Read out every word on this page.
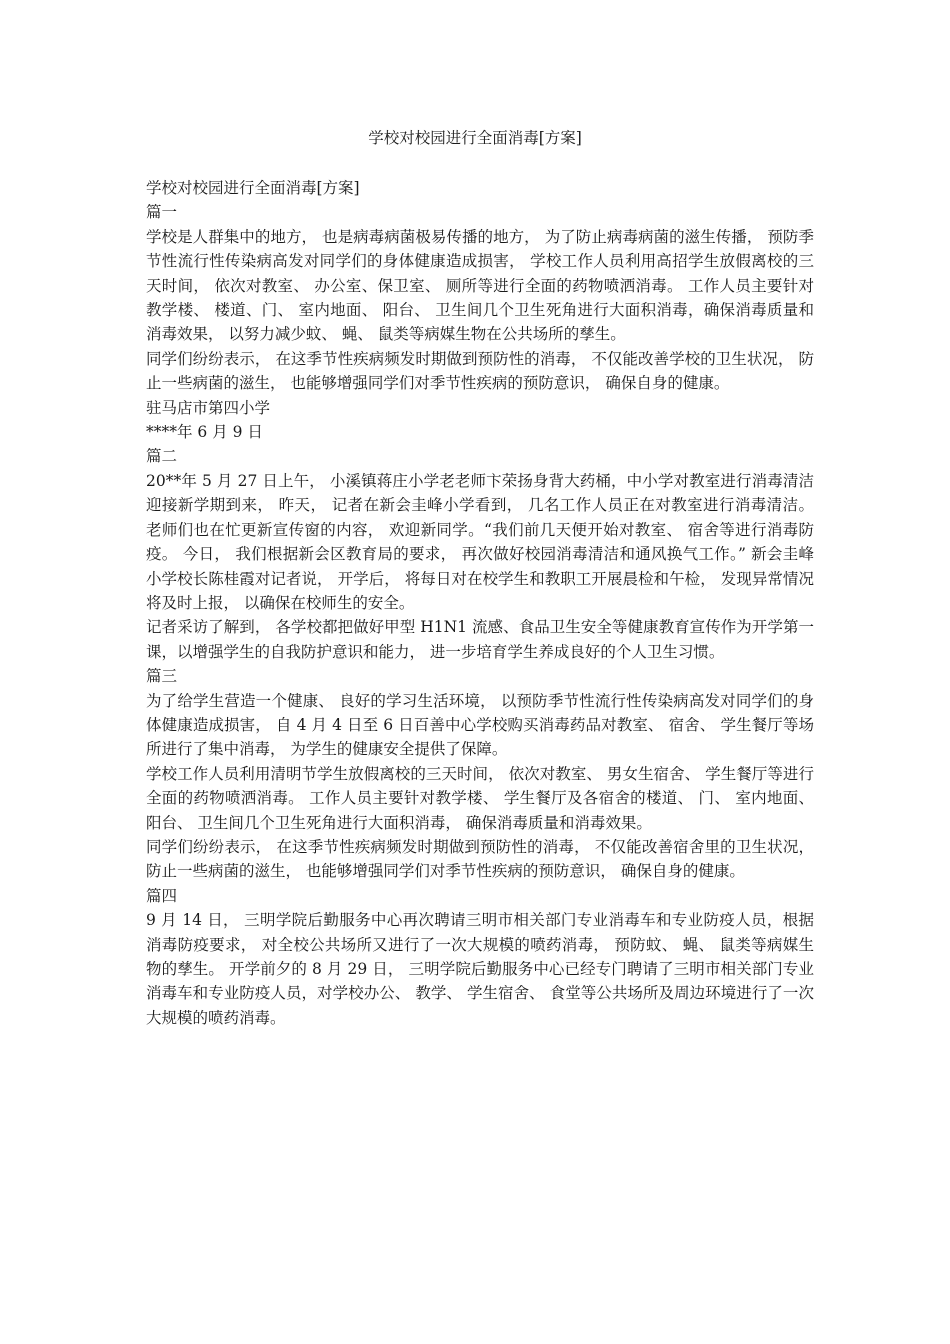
学校对校园进行全面消毒[方案]

学校对校园进行全面消毒[方案]

篇一

学校是人群集中的地方， 也是病毒病菌极易传播的地方， 为了防止病毒病菌的滋生传播， 预防季节性流行性传染病高发对同学们的身体健康造成损害， 学校工作人员利用高招学生放假离校的三天时间， 依次对教室、 办公室、保卫室、 厕所等进行全面的药物喷洒消毒。 工作人员主要针对教学楼、 楼道、门、 室内地面、 阳台、 卫生间几个卫生死角进行大面积消毒，确保消毒质量和消毒效果， 以努力减少蚊、 蝇、 鼠类等病媒生物在公共场所的孳生。

同学们纷纷表示， 在这季节性疾病频发时期做到预防性的消毒， 不仅能改善学校的卫生状况， 防止一些病菌的滋生， 也能够增强同学们对季节性疾病的预防意识， 确保自身的健康。

驻马店市第四小学

****年 6 月 9 日

篇二

20**年 5 月 27 日上午， 小溪镇蒋庄小学老老师卞荣扬身背大药桶，中小学对教室进行消毒清洁 迎接新学期到来， 昨天， 记者在新会圭峰小学看到， 几名工作人员正在对教室进行消毒清洁。 老师们也在忙更新宣传窗的内容， 欢迎新同学。“我们前几天便开始对教室、 宿舍等进行消毒防疫。 今日， 我们根据新会区教育局的要求， 再次做好校园消毒清洁和通风换气工作。” 新会圭峰小学校长陈桂霞对记者说， 开学后， 将每日对在校学生和教职工开展晨检和午检， 发现异常情况将及时上报， 以确保在校师生的安全。

记者采访了解到， 各学校都把做好甲型 H1N1 流感、食品卫生安全等健康教育宣传作为开学第一课，以增强学生的自我防护意识和能力， 进一步培育学生养成良好的个人卫生习惯。

篇三

为了给学生营造一个健康、 良好的学习生活环境， 以预防季节性流行性传染病高发对同学们的身体健康造成损害， 自 4 月 4 日至 6 日百善中心学校购买消毒药品对教室、 宿舍、 学生餐厅等场所进行了集中消毒， 为学生的健康安全提供了保障。

学校工作人员利用清明节学生放假离校的三天时间， 依次对教室、 男女生宿舍、 学生餐厅等进行全面的药物喷洒消毒。 工作人员主要针对教学楼、 学生餐厅及各宿舍的楼道、 门、 室内地面、 阳台、 卫生间几个卫生死角进行大面积消毒， 确保消毒质量和消毒效果。

同学们纷纷表示， 在这季节性疾病频发时期做到预防性的消毒， 不仅能改善宿舍里的卫生状况，防止一些病菌的滋生， 也能够增强同学们对季节性疾病的预防意识， 确保自身的健康。

篇四

9 月 14 日， 三明学院后勤服务中心再次聘请三明市相关部门专业消毒车和专业防疫人员，根据消毒防疫要求， 对全校公共场所又进行了一次大规模的喷药消毒， 预防蚊、 蝇、 鼠类等病媒生物的孳生。 开学前夕的 8 月 29 日， 三明学院后勤服务中心已经专门聘请了三明市相关部门专业消毒车和专业防疫人员，对学校办公、 教学、 学生宿舍、 食堂等公共场所及周边环境进行了一次大规模的喷药消毒。
